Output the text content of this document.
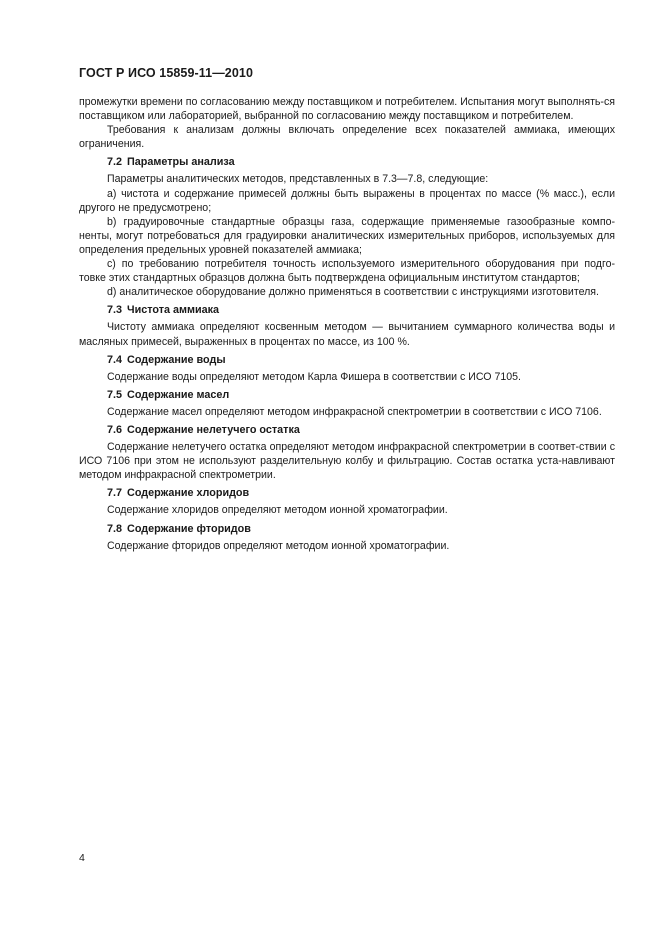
ГОСТ Р ИСО 15859-11—2010

промежутки времени по согласованию между поставщиком и потребителем. Испытания могут выполнять-ся поставщиком или лабораторией, выбранной по согласованию между поставщиком и потребителем.

Требования к анализам должны включать определение всех показателей аммиака, имеющих ограничения.

7.2 Параметры анализа

Параметры аналитических методов, представленных в 7.3—7.8, следующие:

a) чистота и содержание примесей должны быть выражены в процентах по массе (% масс.), если другого не предусмотрено;

b) градуировочные стандартные образцы газа, содержащие применяемые газообразные компо-ненты, могут потребоваться для градуировки аналитических измерительных приборов, используемых для определения предельных уровней показателей аммиака;

c) по требованию потребителя точность используемого измерительного оборудования при подго-товке этих стандартных образцов должна быть подтверждена официальным институтом стандартов;

d) аналитическое оборудование должно применяться в соответствии с инструкциями изготовителя.

7.3 Чистота аммиака

Чистоту аммиака определяют косвенным методом — вычитанием суммарного количества воды и масляных примесей, выраженных в процентах по массе, из 100 %.

7.4 Содержание воды

Содержание воды определяют методом Карла Фишера в соответствии с ИСО 7105.

7.5 Содержание масел

Содержание масел определяют методом инфракрасной спектрометрии в соответствии с ИСО 7106.

7.6 Содержание нелетучего остатка

Содержание нелетучего остатка определяют методом инфракрасной спектрометрии в соответ-ствии с ИСО 7106 при этом не используют разделительную колбу и фильтрацию. Состав остатка уста-навливают методом инфракрасной спектрометрии.

7.7 Содержание хлоридов

Содержание хлоридов определяют методом ионной хроматографии.

7.8 Содержание фторидов

Содержание фторидов определяют методом ионной хроматографии.

4
